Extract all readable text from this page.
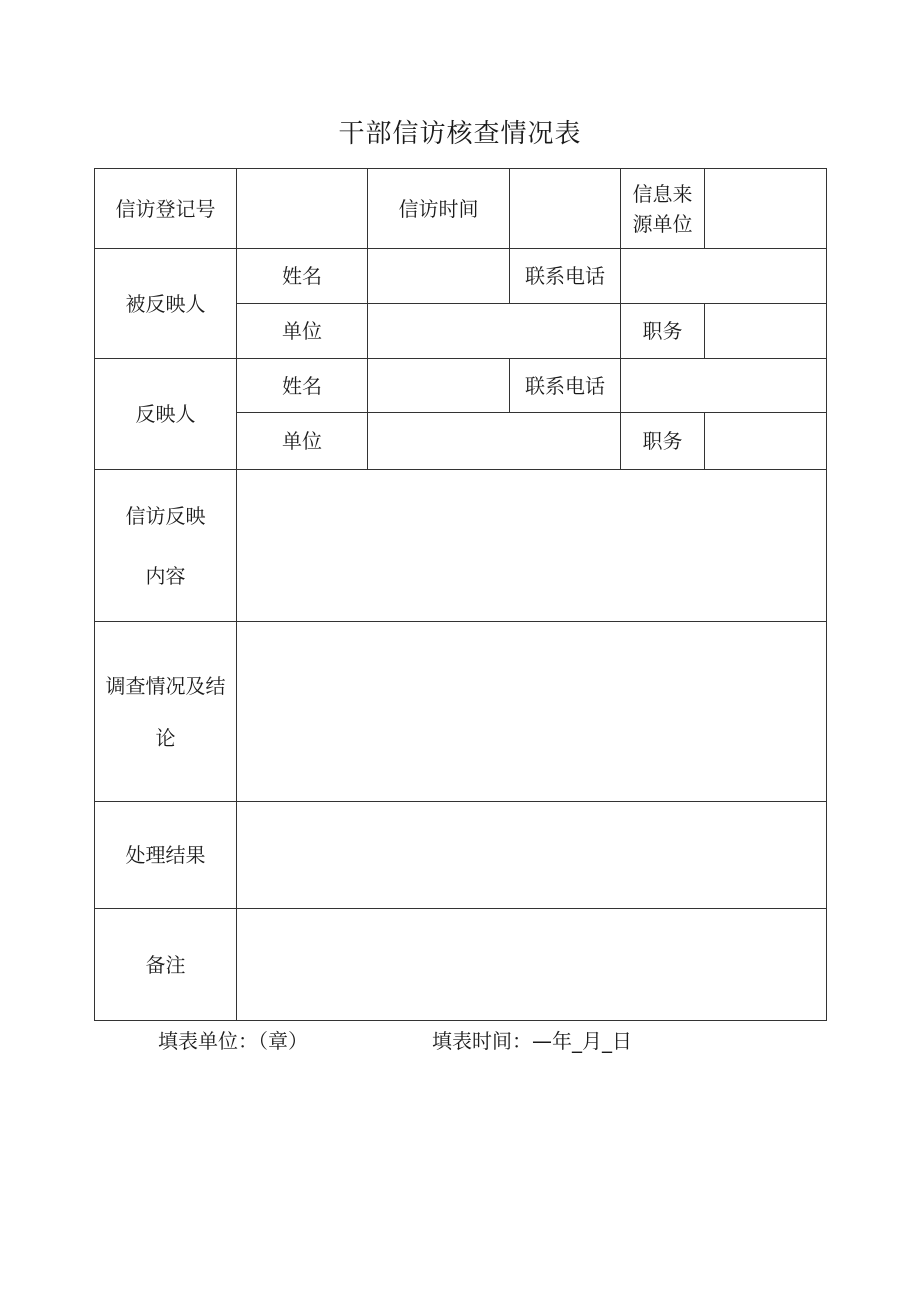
干部信访核查情况表
信访登记号		信访时间		信息来源单位	
被反映人	姓名		联系电话		
	单位			职务	
反映人	姓名		联系电话		
	单位			职务	
信访反映
内容					
调查情况及结
论					
处理结果					
备注					
填表单位：（章）	填表时间：—年_月_日
